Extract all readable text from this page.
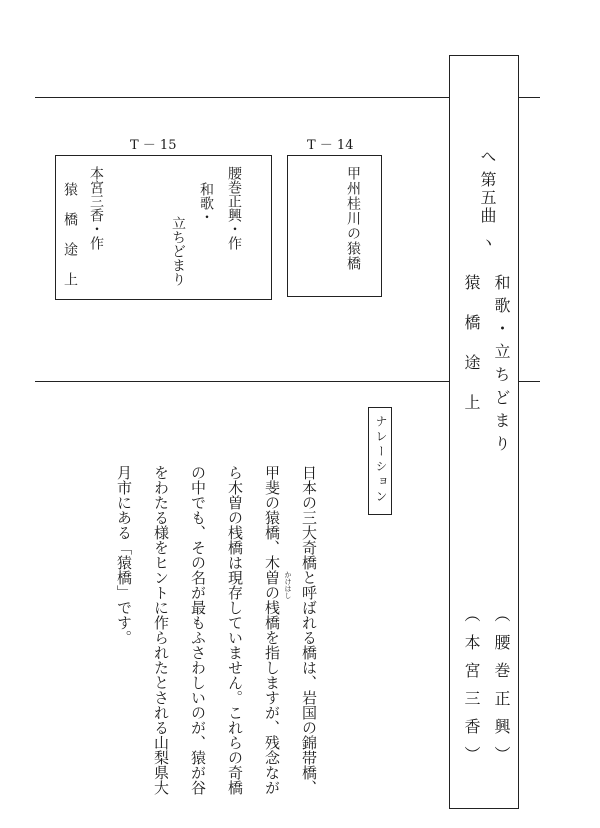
へ
第五曲
ヽ
和歌・立ちどまり
猿橋途上
︵腰巻正興︶
︵本宮三香︶
T － 14
甲州桂川の猿橋
T － 15
腰巻正興・作
和歌・
立ちどまり
本宮三香・作
猿橋途上
ナレーション
日本の三大奇橋と呼ばれる橋は、岩国の錦帯橋、
甲斐の猿橋、木曽の桟橋を指しますが、残念なが かけはし
ら木曽の桟橋は現存していません。これらの奇橋
の中でも、その名が最もふさわしいのが、猿が谷
をわたる様をヒントに作られたとされる山梨県大
月市にある「猿橋」です。
